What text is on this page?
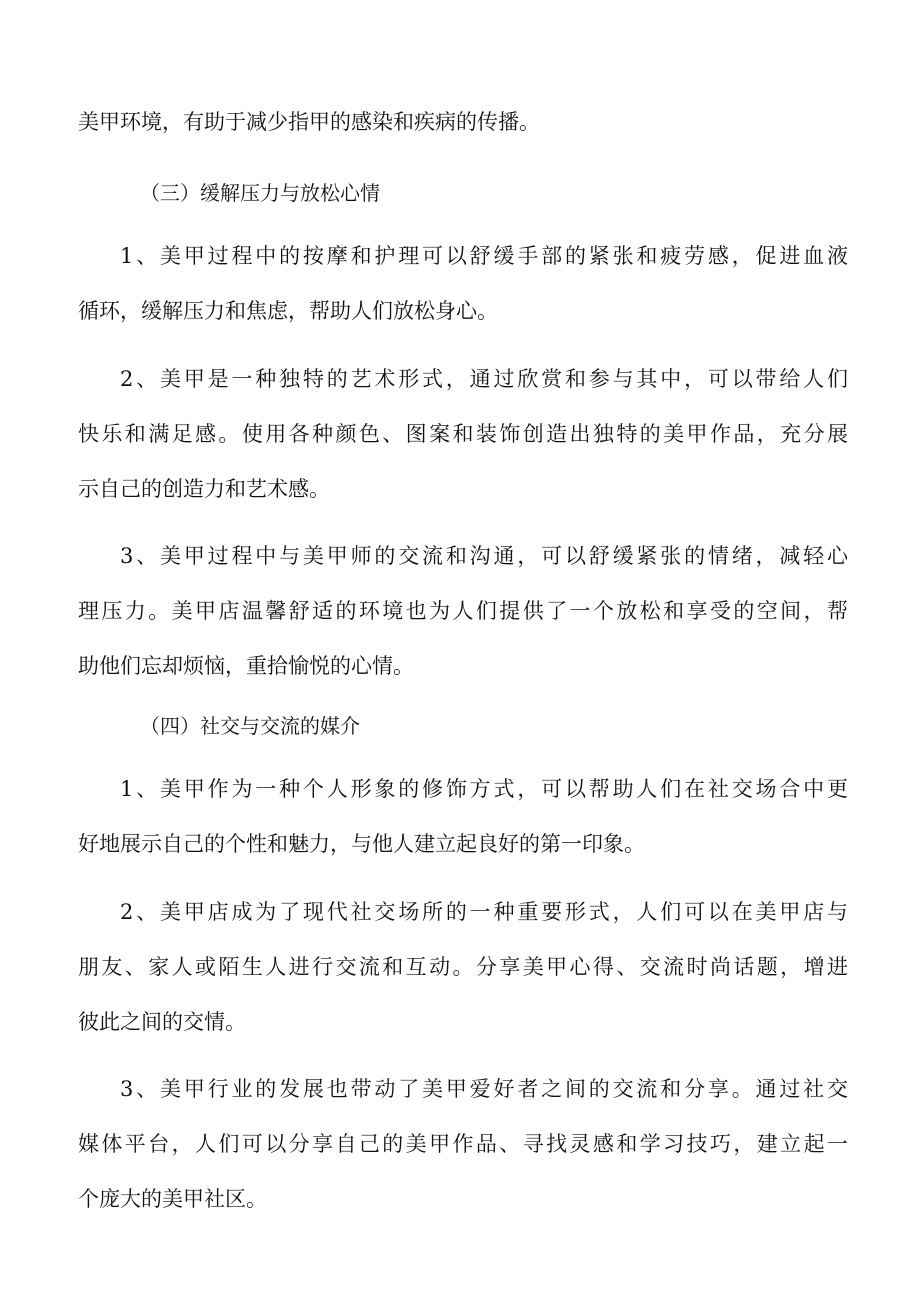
美甲环境，有助于减少指甲的感染和疾病的传播。
（三）缓解压力与放松心情
1、美甲过程中的按摩和护理可以舒缓手部的紧张和疲劳感，促进血液
循环，缓解压力和焦虑，帮助人们放松身心。
2、美甲是一种独特的艺术形式，通过欣赏和参与其中，可以带给人们
快乐和满足感。使用各种颜色、图案和装饰创造出独特的美甲作品，充分展
示自己的创造力和艺术感。
3、美甲过程中与美甲师的交流和沟通，可以舒缓紧张的情绪，减轻心
理压力。美甲店温馨舒适的环境也为人们提供了一个放松和享受的空间，帮
助他们忘却烦恼，重拾愉悦的心情。
（四）社交与交流的媒介
1、美甲作为一种个人形象的修饰方式，可以帮助人们在社交场合中更
好地展示自己的个性和魅力，与他人建立起良好的第一印象。
2、美甲店成为了现代社交场所的一种重要形式，人们可以在美甲店与
朋友、家人或陌生人进行交流和互动。分享美甲心得、交流时尚话题，增进
彼此之间的交情。
3、美甲行业的发展也带动了美甲爱好者之间的交流和分享。通过社交
媒体平台，人们可以分享自己的美甲作品、寻找灵感和学习技巧，建立起一
个庞大的美甲社区。
